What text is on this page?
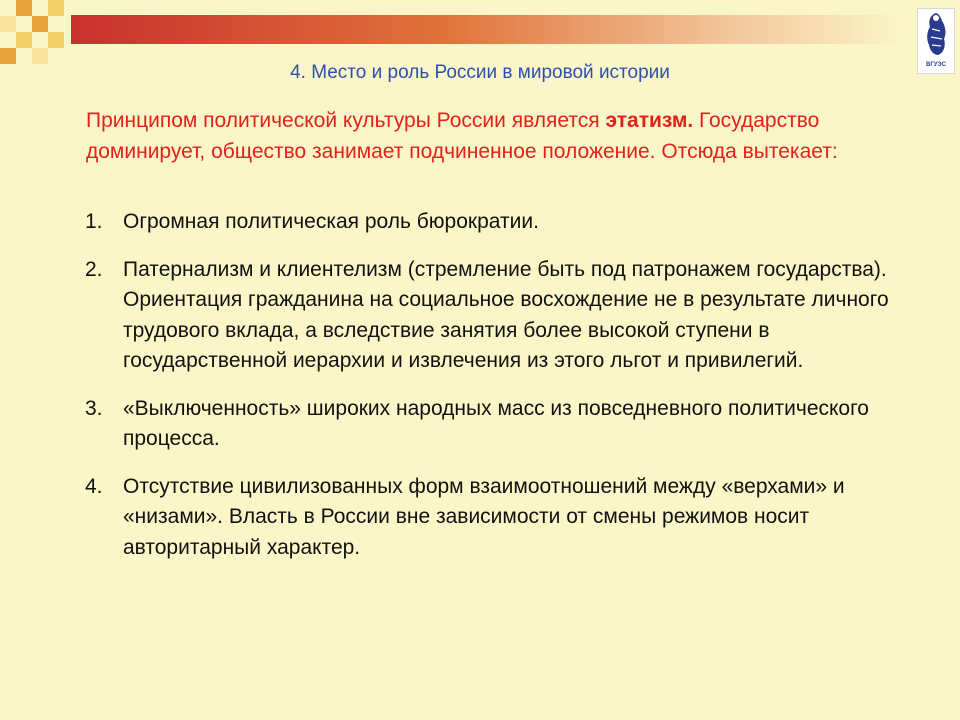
ВГУЭС
4. Место и роль России в мировой истории
Принципом политической культуры России является этатизм. Государство доминирует, общество занимает подчиненное положение. Отсюда вытекает:
1. Огромная политическая роль бюрократии.
2. Патернализм и клиентелизм (стремление быть под патронажем государства). Ориентация гражданина на социальное восхождение не в результате личного трудового вклада, а вследствие занятия более высокой ступени в государственной иерархии и извлечения из этого льгот и привилегий.
3. «Выключенность» широких народных масс из повседневного политического процесса.
4. Отсутствие цивилизованных форм взаимоотношений между «верхами» и «низами». Власть в России вне зависимости от смены режимов носит авторитарный характер.
